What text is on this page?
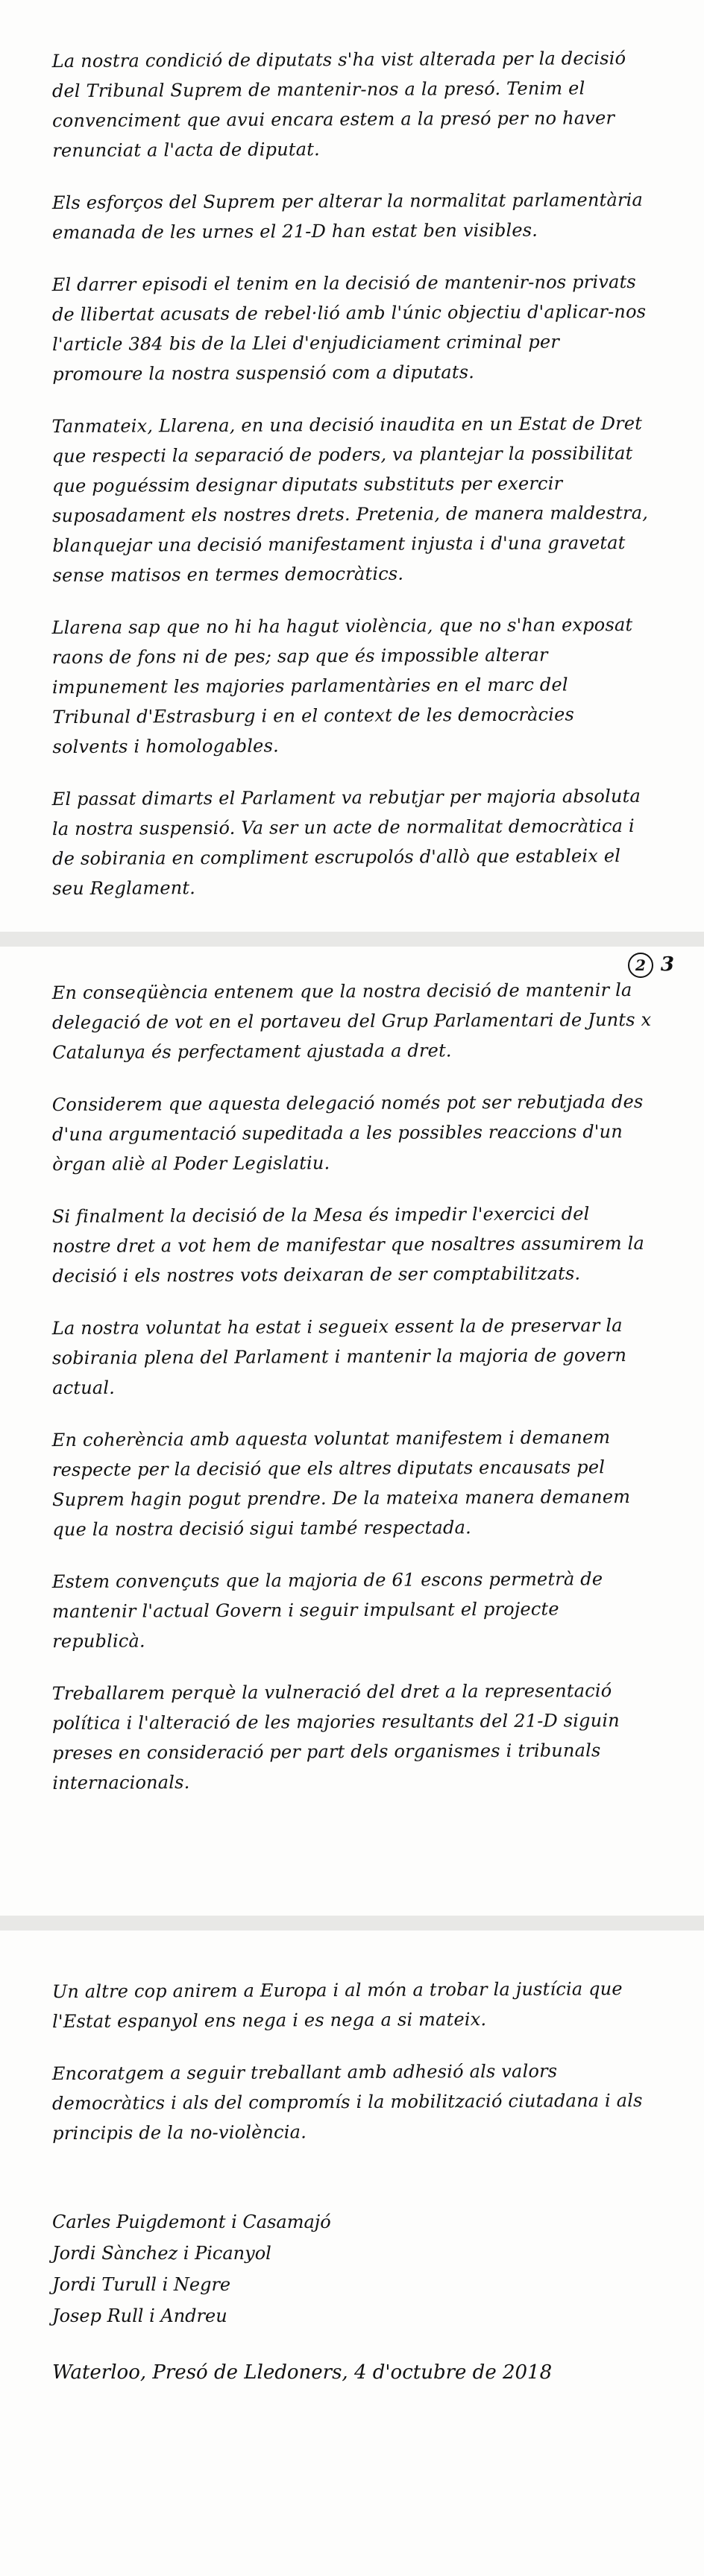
La nostra condició de diputats s'ha vist alterada per la decisió del Tribunal Suprem de mantenir-nos a la presó. Tenim el convenciment que avui encara estem a la presó per no haver renunciat a l'acta de diputat.

Els esforços del Suprem per alterar la normalitat parlamentària emanada de les urnes el 21-D han estat ben visibles.

El darrer episodi el tenim en la decisió de mantenir-nos privats de llibertat acusats de rebel·lió amb l'únic objectiu d'aplicar-nos l'article 384 bis de la Llei d'enjudiciament criminal per promoure la nostra suspensió com a diputats.

Tanmateix, Llarena, en una decisió inaudita en un Estat de Dret que respecti la separació de poders, va plantejar la possibilitat que poguéssim designar diputats substituts per exercir suposadament els nostres drets. Pretenia, de manera maldestra, blanquejar una decisió manifestament injusta i d'una gravetat sense matisos en termes democràtics.

Llarena sap que no hi ha hagut violència, que no s'han exposat raons de fons ni de pes; sap que és impossible alterar impunement les majories parlamentàries en el marc del Tribunal d'Estrasburg i en el context de les democràcies solvents i homologables.

El passat dimarts el Parlament va rebutjar per majoria absoluta la nostra suspensió. Va ser un acte de normalitat democràtica i de sobirania en compliment escrupolós d'allò que estableix el seu Reglament.

2 3

En conseqüència entenem que la nostra decisió de mantenir la delegació de vot en el portaveu del Grup Parlamentari de Junts x Catalunya és perfectament ajustada a dret.

Considerem que aquesta delegació només pot ser rebutjada des d'una argumentació supeditada a les possibles reaccions d'un òrgan aliè al Poder Legislatiu.

Si finalment la decisió de la Mesa és impedir l'exercici del nostre dret a vot hem de manifestar que nosaltres assumirem la decisió i els nostres vots deixaran de ser comptabilitzats.

La nostra voluntat ha estat i segueix essent la de preservar la sobirania plena del Parlament i mantenir la majoria de govern actual.

En coherència amb aquesta voluntat manifestem i demanem respecte per la decisió que els altres diputats encausats pel Suprem hagin pogut prendre. De la mateixa manera demanem que la nostra decisió sigui també respectada.

Estem convençuts que la majoria de 61 escons permetrà de mantenir l'actual Govern i seguir impulsant el projecte republicà.

Treballarem perquè la vulneració del dret a la representació política i l'alteració de les majories resultants del 21-D siguin preses en consideració per part dels organismes i tribunals internacionals.

Un altre cop anirem a Europa i al món a trobar la justícia que l'Estat espanyol ens nega i es nega a si mateix.

Encoratgem a seguir treballant amb adhesió als valors democràtics i als del compromís i la mobilització ciutadana i als principis de la no-violència.

Carles Puigdemont i Casamajó
Jordi Sànchez i Picanyol
Jordi Turull i Negre
Josep Rull i Andreu
Waterloo, Presó de Lledoners, 4 d'octubre de 2018
